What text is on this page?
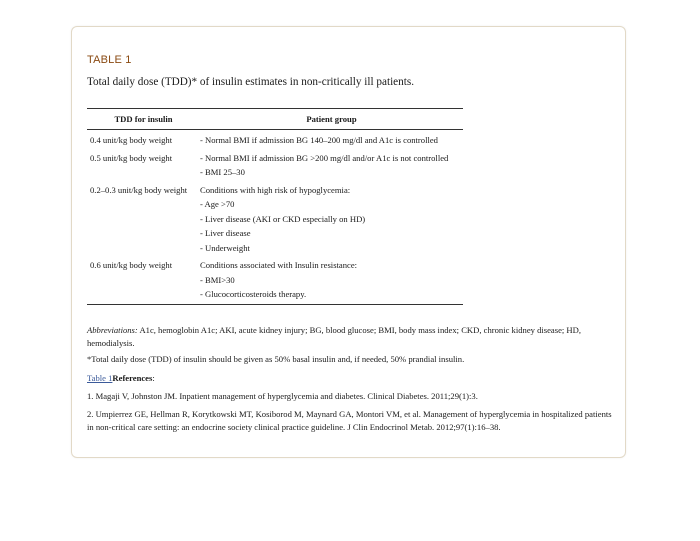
TABLE 1
Total daily dose (TDD)* of insulin estimates in non-critically ill patients.
TDD for insulin	Patient group

0.4 unit/kg body weight	- Normal BMI if admission BG 140–200 mg/dl and A1c is controlled

0.5 unit/kg body weight	- Normal BMI if admission BG >200 mg/dl and/or A1c is not controlled
- BMI 25–30

0.2–0.3 unit/kg body weight	Conditions with high risk of hypoglycemia:
- Age >70
- Liver disease (AKI or CKD especially on HD)
- Liver disease
- Underweight

0.6 unit/kg body weight	Conditions associated with Insulin resistance:
- BMI>30
- Glucocorticosteroids therapy.
Abbreviations: A1c, hemoglobin A1c; AKI, acute kidney injury; BG, blood glucose; BMI, body mass index; CKD, chronic kidney disease; HD, hemodialysis.
*Total daily dose (TDD) of insulin should be given as 50% basal insulin and, if needed, 50% prandial insulin.
Table 1References:
1. Magaji V, Johnston JM. Inpatient management of hyperglycemia and diabetes. Clinical Diabetes. 2011;29(1):3.
2. Umpierrez GE, Hellman R, Korytkowski MT, Kosiborod M, Maynard GA, Montori VM, et al. Management of hyperglycemia in hospitalized patients in non-critical care setting: an endocrine society clinical practice guideline. J Clin Endocrinol Metab. 2012;97(1):16–38.
